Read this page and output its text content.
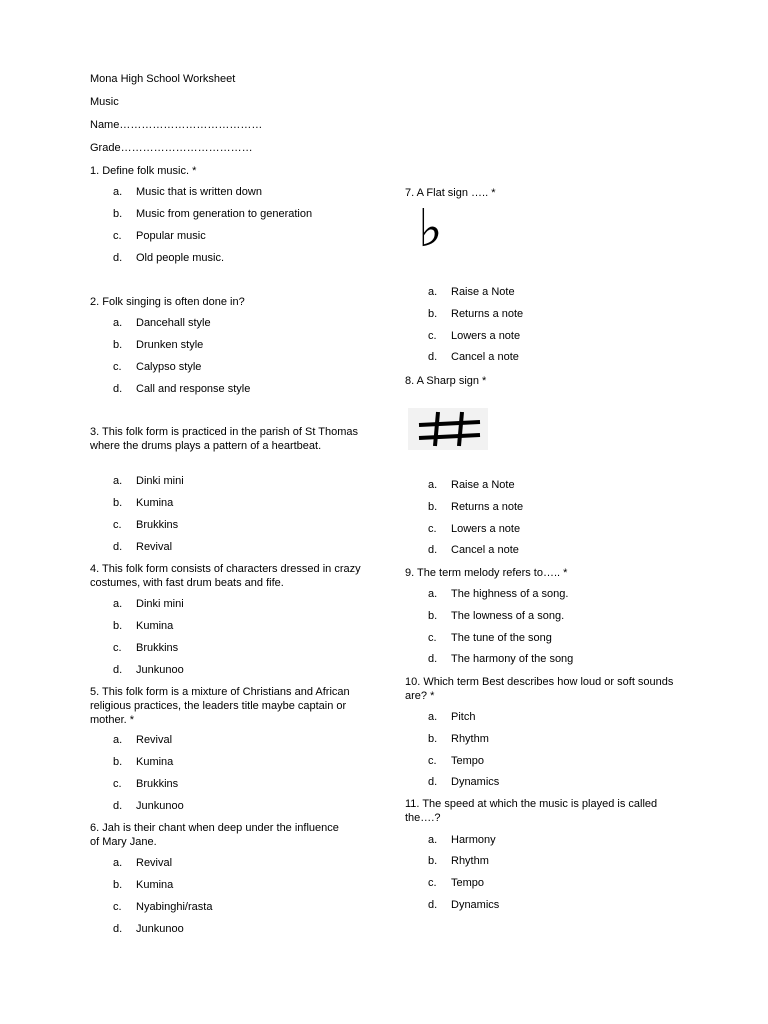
Mona High School Worksheet
Music
Name…………………………………
Grade………………………………
♭
1. Define folk music. *
a. Music that is written down
b. Music from generation to generation
c. Popular music
d. Old people music.
2. Folk singing is often done in?
a. Dancehall style
b. Drunken style
c. Calypso style
d. Call and response style
3. This folk form is practiced in the parish of St Thomas where the drums plays a pattern of a heartbeat.
a. Dinki mini
b. Kumina
c. Brukkins
d. Revival
4. This folk form consists of characters dressed in crazy costumes, with fast drum beats and fife.
a. Dinki mini
b. Kumina
c. Brukkins
d. Junkunoo
5. This folk form is a mixture of Christians and African religious practices, the leaders title maybe captain or mother. *
a. Revival
b. Kumina
c. Brukkins
d. Junkunoo
6. Jah is their chant when deep under the influence of Mary Jane.
a. Revival
b. Kumina
c. Nyabinghi/rasta
d. Junkunoo
7. A Flat sign ….. *
a. Raise a Note
b. Returns a note
c. Lowers a note
d. Cancel a note
8. A Sharp sign *
a. Raise a Note
b. Returns a note
c. Lowers a note
d. Cancel a note
9. The term melody refers to….. *
a. The highness of a song.
b. The lowness of a song.
c. The tune of the song
d. The harmony of the song
10. Which term Best describes how loud or soft sounds are? *
a. Pitch
b. Rhythm
c. Tempo
d. Dynamics
11. The speed at which the music is played is called the….?
a. Harmony
b. Rhythm
c. Tempo
d. Dynamics
